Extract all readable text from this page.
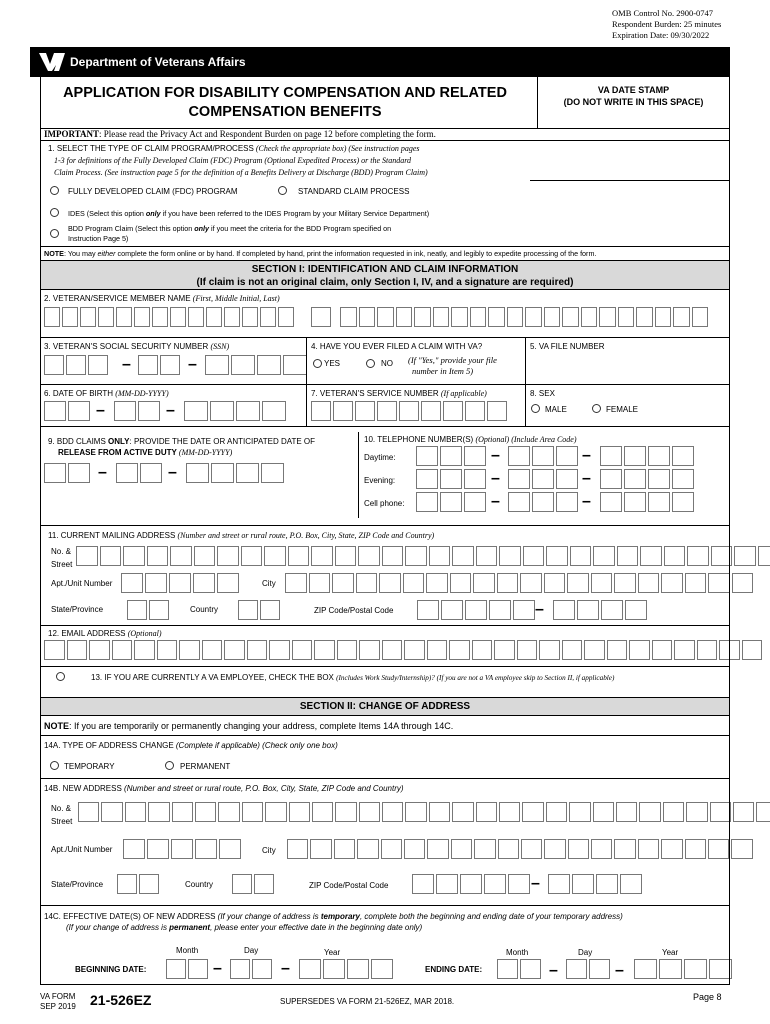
OMB Control No. 2900-0747
Respondent Burden: 25 minutes
Expiration Date: 09/30/2022
Department of Veterans Affairs
APPLICATION FOR DISABILITY COMPENSATION AND RELATED
COMPENSATION BENEFITS
VA DATE STAMP
(DO NOT WRITE IN THIS SPACE)
IMPORTANT: Please read the Privacy Act and Respondent Burden on page 12 before completing the form.
1. SELECT THE TYPE OF CLAIM PROGRAM/PROCESS (Check the appropriate box) (See instruction pages
1-3 for definitions of the Fully Developed Claim (FDC) Program (Optional Expedited Process) or the Standard
Claim Process. (See instruction page 5 for the definition of a Benefits Delivery at Discharge (BDD) Program Claim)
FULLY DEVELOPED CLAIM (FDC) PROGRAM	STANDARD CLAIM PROCESS
IDES (Select this option only if you have been referred to the IDES Program by your Military Service Department)
BDD Program Claim (Select this option only if you meet the criteria for the BDD Program specified on
Instruction Page 5)
NOTE: You may either complete the form online or by hand. If completed by hand, print the information requested in ink, neatly, and legibly to expedite processing of the form.
SECTION I: IDENTIFICATION AND CLAIM INFORMATION
(If claim is not an original claim, only Section I, IV, and a signature are required)
2. VETERAN/SERVICE MEMBER NAME (First, Middle Initial, Last)
3. VETERAN'S SOCIAL SECURITY NUMBER (SSN)
–	–
4. HAVE YOU EVER FILED A CLAIM WITH VA?
YES	NO (If "Yes," provide your file
number in Item 5)
5. VA FILE NUMBER
6. DATE OF BIRTH (MM-DD-YYYY)
–	–
7. VETERAN'S SERVICE NUMBER (If applicable)	8. SEX
MALE	FEMALE
9. BDD CLAIMS ONLY: PROVIDE THE DATE OR ANTICIPATED DATE OF
RELEASE FROM ACTIVE DUTY (MM-DD-YYYY)
–	–
10. TELEPHONE NUMBER(S) (Optional) (Include Area Code)
Daytime:	–	–
Evening:	–	–
Cell phone:	–	–
11. CURRENT MAILING ADDRESS (Number and street or rural route, P.O. Box, City, State, ZIP Code and Country)
No. &
Street
Apt./Unit Number	City
State/Province	Country	ZIP Code/Postal Code	–
12. EMAIL ADDRESS (Optional)
13. IF YOU ARE CURRENTLY A VA EMPLOYEE, CHECK THE BOX (Includes Work Study/Internship)? (If you are not a VA employee skip to Section II, if applicable)
SECTION II: CHANGE OF ADDRESS
NOTE: If you are temporarily or permanently changing your address, complete Items 14A through 14C.
14A. TYPE OF ADDRESS CHANGE (Complete if applicable) (Check only one box)
TEMPORARY	PERMANENT
14B. NEW ADDRESS (Number and street or rural route, P.O. Box, City, State, ZIP Code and Country)
No. &
Street
Apt./Unit Number	City
State/Province	Country	ZIP Code/Postal Code	–
14C. EFFECTIVE DATE(S) OF NEW ADDRESS (If your change of address is temporary, complete both the beginning and ending date of your temporary address)
(If your change of address is permanent, please enter your effective date in the beginning date only)
Month	Day	Year
BEGINNING DATE:	–	–
Month	Day	Year
ENDING DATE:	–	–
VA FORM
SEP 2019 21-526EZ	SUPERSEDES VA FORM 21-526EZ, MAR 2018.	Page 8
